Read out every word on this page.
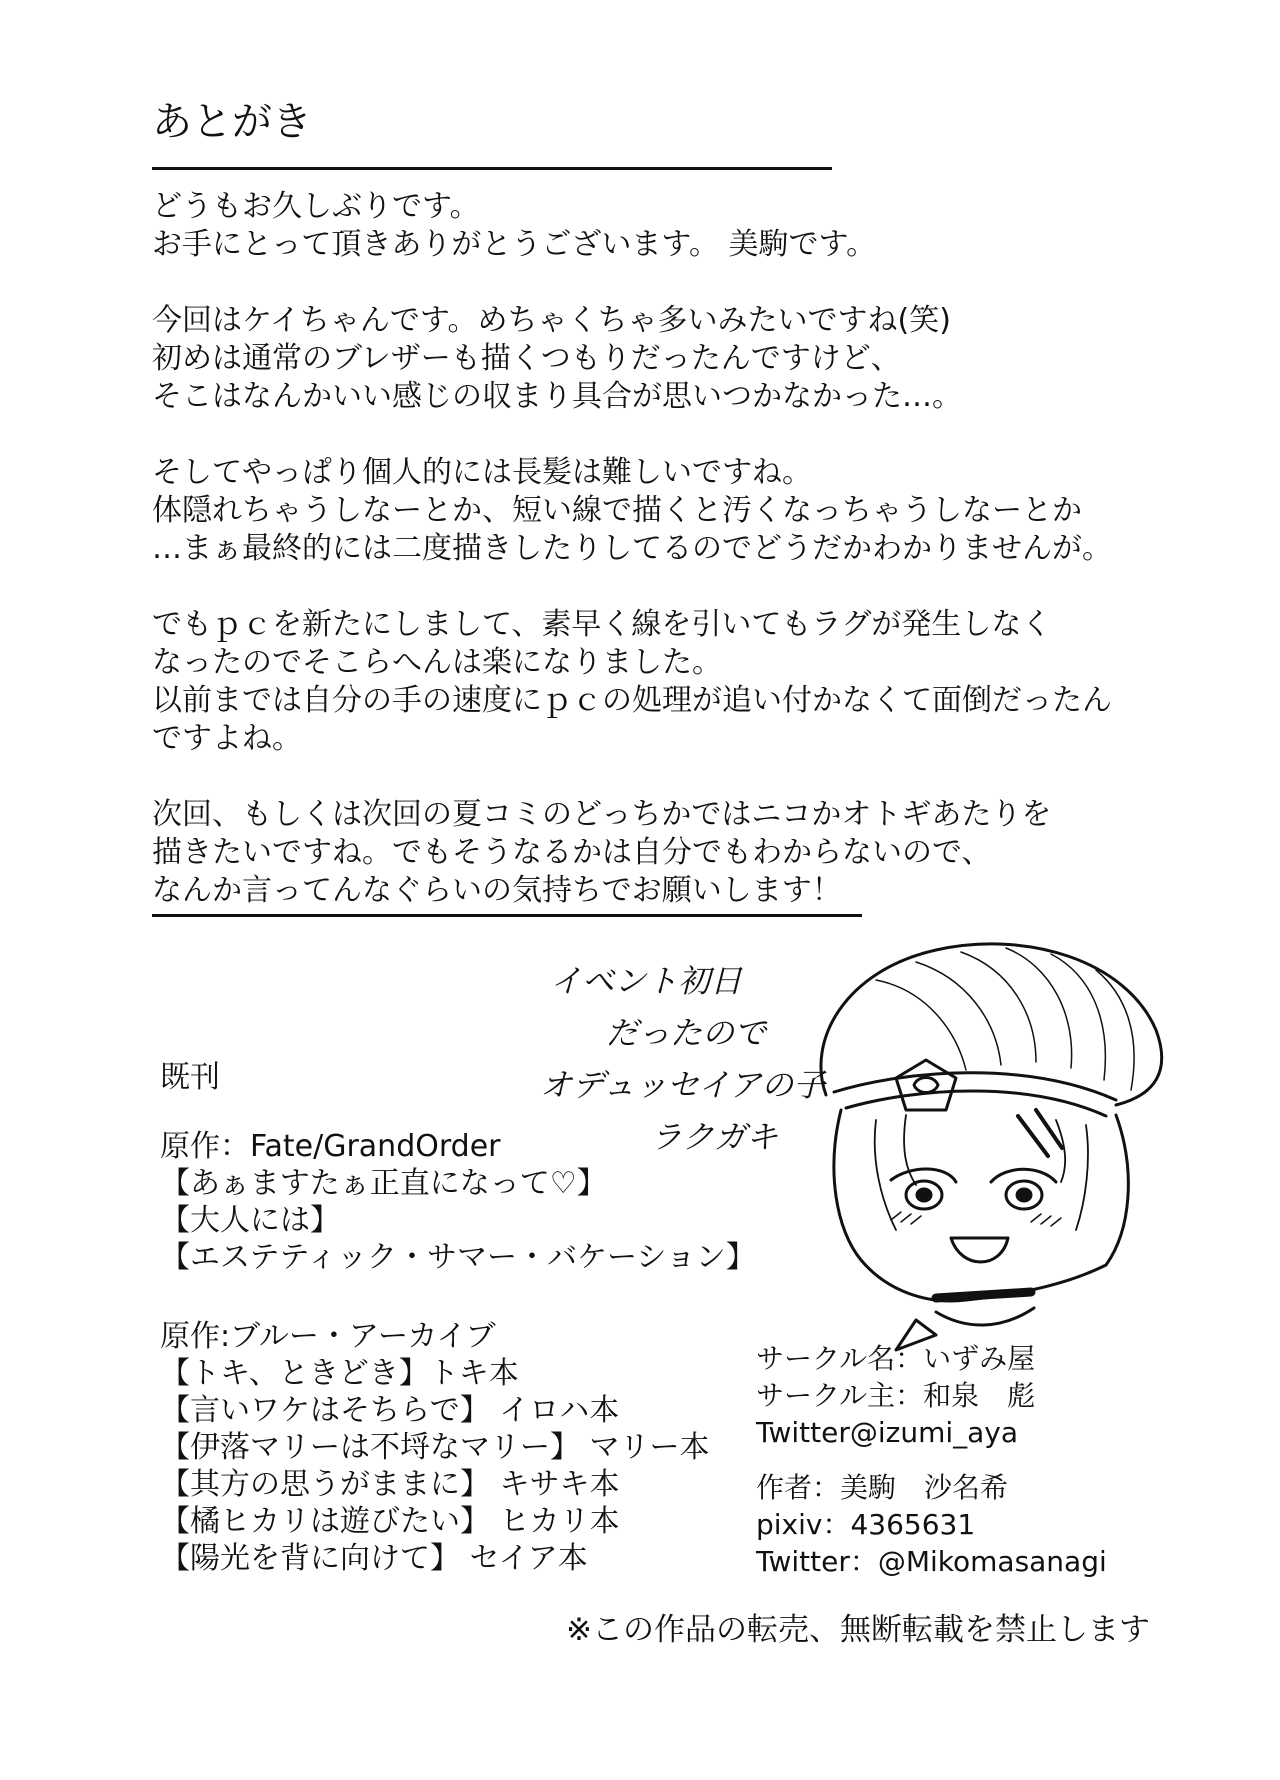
あとがき
どうもお久しぶりです。
お手にとって頂きありがとうございます。 美駒です。
今回はケイちゃんです。めちゃくちゃ多いみたいですね(笑)
初めは通常のブレザーも描くつもりだったんですけど、
そこはなんかいい感じの収まり具合が思いつかなかった…。
そしてやっぱり個人的には長髪は難しいですね。
体隠れちゃうしなーとか、短い線で描くと汚くなっちゃうしなーとか
…まぁ最終的には二度描きしたりしてるのでどうだかわかりませんが。
でもｐｃを新たにしまして、素早く線を引いてもラグが発生しなく
なったのでそこらへんは楽になりました。
以前までは自分の手の速度にｐｃの処理が追い付かなくて面倒だったん
ですよね。
次回、もしくは次回の夏コミのどっちかではニコかオトギあたりを
描きたいですね。でもそうなるかは自分でもわからないので、
なんか言ってんなぐらいの気持ちでお願いします！
イベント初日
だったので
オデュッセイアの子
ラクガキ
既刊
原作：Fate/GrandOrder
【あぁますたぁ正直になって♡】
【大人には】
【エステティック・サマー・バケーション】
原作:ブルー・アーカイブ
【トキ、ときどき】トキ本
【言いワケはそちらで】 イロハ本
【伊落マリーは不埒なマリー】 マリー本
【其方の思うがままに】 キサキ本
【橘ヒカリは遊びたい】 ヒカリ本
【陽光を背に向けて】 セイア本
サークル名：いずみ屋
サークル主：和泉　彪
Twitter@izumi_aya
作者：美駒　沙名希
pixiv：4365631
Twitter：@Mikomasanagi
※この作品の転売、無断転載を禁止します
